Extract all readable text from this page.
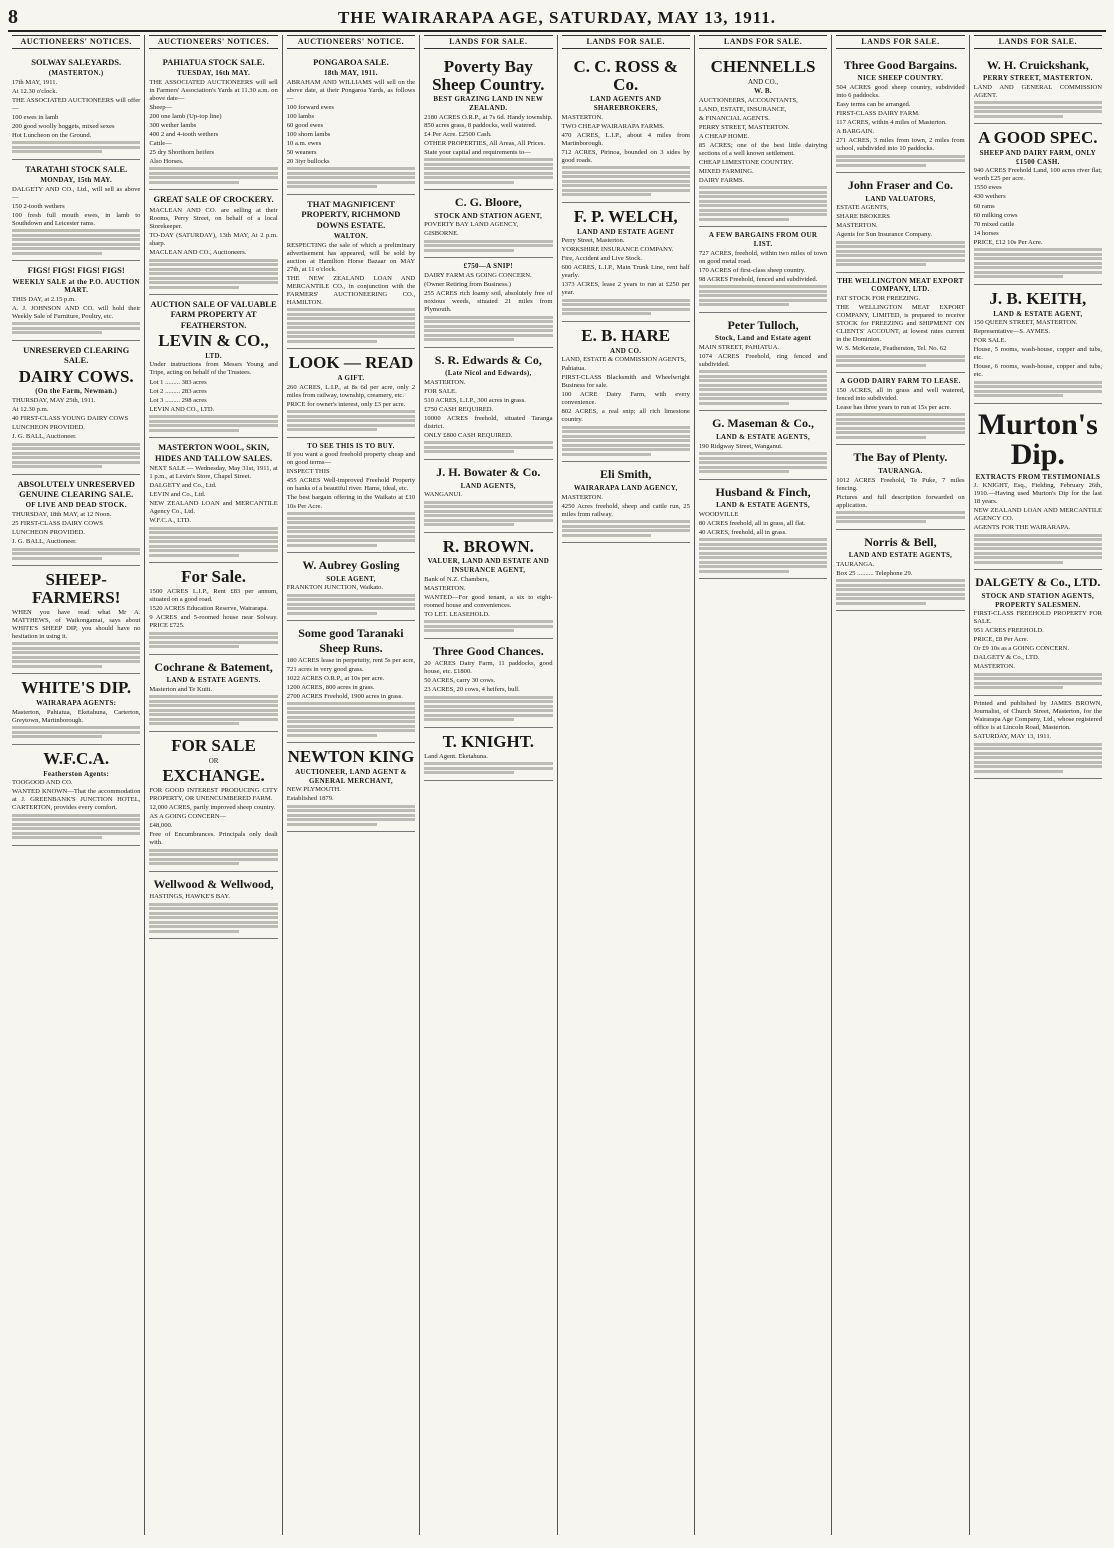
8	THE WAIRARAPA AGE, SATURDAY, MAY 13, 1911.
AUCTIONEERS' NOTICES.
SOLWAY SALEYARDS.
(MASTERTON.)
17th MAY, 1911.
At 12.30 o'clock.
THE ASSOCIATED AUCTIONEERS will offer—
100 ewes in lamb
200 good woolly hoggets, mixed sexes
Hot Luncheon on the Ground.
TARATAHI STOCK SALE.
MONDAY, 15th MAY.
DALGETY AND CO., Ltd., will sell as above—
150 2-tooth wethers
100 fresh full mouth ewes, in lamb to Southdown and Leicester rams.
FIGS! FIGS! FIGS! FIGS!
WEEKLY SALE at the P.O. AUCTION MART.
THIS DAY, at 2.15 p.m.
A. J. JOHNSON AND CO. will hold their Weekly Sale of Furniture, Poultry, etc.
UNRESERVED CLEARING SALE.
DAIRY COWS.
(On the Farm, Newman.)
THURSDAY, MAY 25th, 1911.
At 12.30 p.m.
40 FIRST-CLASS YOUNG DAIRY COWS
LUNCHEON PROVIDED.
J. G. BALL, Auctioneer.
ABSOLUTELY UNRESERVED GENUINE CLEARING SALE.
OF LIVE AND DEAD STOCK.
THURSDAY, 18th MAY, at 12 Noon.
25 FIRST-CLASS DAIRY COWS
LUNCHEON PROVIDED.
J. G. BALL, Auctioneer.
SHEEP-FARMERS!
WHEN you have read what Mr A. MATTHEWS, of Waikongamai, says about WHITE'S SHEEP DIP, you should have no hesitation in using it.
WHITE'S DIP.
WAIRARAPA AGENTS:
Masterton, Pahiatua, Eketahuna, Carterton, Greytown, Martinborough.
W.F.C.A.
Featherston Agents:
TOOGOOD AND CO.
WANTED KNOWN—That the accommodation at J. GREENBANK'S JUNCTION HOTEL, CARTERTON, provides every comfort.
AUCTIONEERS' NOTICES.
PAHIATUA STOCK SALE.
TUESDAY, 16th MAY.
THE ASSOCIATED AUCTIONEERS will sell in Farmers' Association's Yards at 11.30 a.m. on above date—
Sheep—
200 one lamb (Up-top line)
300 wether lambs
400 2 and 4-tooth wethers
Cattle—
25 dry Shorthorn heifers
Also Horses.
GREAT SALE OF CROCKERY.
MACLEAN AND CO. are selling at their Rooms, Perry Street, on behalf of a local Storekeeper.
TO-DAY (SATURDAY), 13th MAY, At 2 p.m. sharp.
MACLEAN AND CO., Auctioneers.
AUCTION SALE OF VALUABLE FARM PROPERTY AT FEATHERSTON.
LEVIN & CO.,
LTD.
Under instructions from Messrs Young and Tripe, acting on behalf of the Trustees.
Lot 1 ......... 383 acres
Lot 2 ......... 283 acres
Lot 3 ......... 298 acres
LEVIN AND CO., LTD.
MASTERTON WOOL, SKIN, HIDES AND TALLOW SALES.
NEXT SALE — Wednesday, May 31st, 1911, at 1 p.m., at Levin's Store, Chapel Street.
DALGETY and Co., Ltd.
LEVIN and Co., Ltd.
NEW ZEALAND LOAN and MERCANTILE Agency Co., Ltd.
W.F.C.A., LTD.
For Sale.
1500 ACRES L.I.P., Rent £83 per annum, situated on a good road.
1520 ACRES Education Reserve, Wairarapa.
9 ACRES and 5-roomed house near Solway. PRICE £725.
Cochrane & Batement,
LAND & ESTATE AGENTS.
Masterton and Te Kuiti.
FOR SALE
OR
EXCHANGE.
FOR GOOD INTEREST PRODUCING CITY PROPERTY, OR UNENCUMBERED FARM.
12,000 ACRES, partly improved sheep country.
AS A GOING CONCERN—
£48,000.
Free of Encumbrances. Principals only dealt with.
Wellwood & Wellwood,
HASTINGS, HAWKE'S BAY.
AUCTIONEERS' NOTICE.
PONGAROA SALE.
18th MAY, 1911.
ABRAHAM AND WILLIAMS will sell on the above date, at their Pongaroa Yards, as follows—
100 forward ewes
100 lambs
60 good ewes
100 shorn lambs
10 a.m. ewes
50 weaners
20 3iyr bullocks
THAT MAGNIFICENT PROPERTY, RICHMOND DOWNS ESTATE.
WALTON.
RESPECTING the sale of which a preliminary advertisement has appeared, will be sold by auction at Hamilton Horse Bazaar on MAY 27th, at 11 o'clock.
THE NEW ZEALAND LOAN AND MERCANTILE CO., in conjunction with the FARMERS' AUCTIONEERING CO., HAMILTON.
LOOK — READ
A GIFT.
260 ACRES, L.I.P., at 8s 6d per acre, only 2 miles from railway, township, creamery, etc.
PRICE for owner's interest, only £3 per acre.
TO SEE THIS IS TO BUY.
If you want a good freehold property cheap and on good terms—
INSPECT THIS
455 ACRES Well-improved Freehold Property on banks of a beautiful river. Hams, ideal, etc.
The best bargain offering in the Waikato at £10 10s Per Acre.
W. Aubrey Gosling
SOLE AGENT,
FRANKTON JUNCTION, Waikato.
Some good Taranaki Sheep Runs.
180 ACRES lease in perpetuity, rent 5s per acre, 721 acres in very good grass.
1022 ACRES O.R.P., at 10s per acre.
1200 ACRES, 800 acres in grass.
2700 ACRES Freehold, 1900 acres in grass.
NEWTON KING
AUCTIONEER, LAND AGENT & GENERAL MERCHANT,
NEW PLYMOUTH.
Established 1879.
LANDS FOR SALE.
Poverty Bay Sheep Country.
BEST GRAZING LAND IN NEW ZEALAND.
2180 ACRES O.R.P., at 7s 6d. Handy township. 850 acres grass, 8 paddocks, well watered.
£4 Per Acre. £2500 Cash.
OTHER PROPERTIES, All Areas, All Prices.
State your capital and requirements to—
C. G. Bloore,
STOCK AND STATION AGENT,
POVERTY BAY LAND AGENCY,
GISBORNE.
£750—A SNIP!
DAIRY FARM AS GOING CONCERN.
(Owner Retiring from Business.)
255 ACRES rich loamy soil, absolutely free of noxious weeds, situated 21 miles from Plymouth.
S. R. Edwards & Co,
(Late Nicol and Edwards),
MASTERTON.
FOR SALE.
510 ACRES, L.I.P., 300 acres in grass.
£750 CASH REQUIRED.
10000 ACRES freehold, situated Taranga district.
ONLY £800 CASH REQUIRED.
J. H. Bowater & Co.
LAND AGENTS,
WANGANUI.
R. BROWN.
VALUER, LAND AND ESTATE AND INSURANCE AGENT,
Bank of N.Z. Chambers,
MASTERTON.
WANTED—For good tenant, a six to eight-roomed house and conveniences.
TO LET. LEASEHOLD.
Three Good Chances.
20 ACRES Dairy Farm, 11 paddocks, good house, etc. £1800.
50 ACRES, carry 30 cows.
23 ACRES, 20 cows, 4 heifers, bull.
T. KNIGHT.
Land Agent. Eketahuna.
LANDS FOR SALE.
C. C. ROSS & Co.
LAND AGENTS AND SHAREBROKERS,
MASTERTON.
TWO CHEAP WAIRARAPA FARMS.
470 ACRES, L.I.P., about 4 miles from Martinborough.
712 ACRES, Pirinoa, bounded on 3 sides by good roads.
F. P. WELCH,
LAND AND ESTATE AGENT
Perry Street, Masterton.
YORKSHIRE INSURANCE COMPANY.
Fire, Accident and Live Stock.
600 ACRES, L.I.P., Main Trunk Line, rent half yearly.
1373 ACRES, lease 2 years to run at £250 per year.
E. B. HARE
AND CO.
LAND, ESTATE & COMMISSION AGENTS,
Pahiatua.
FIRST-CLASS Blacksmith and Wheelwright Business for sale.
100 ACRE Dairy Farm, with every convenience.
802 ACRES, a real snip; all rich limestone country.
Eli Smith,
WAIRARAPA LAND AGENCY,
MASTERTON.
4250 Acres freehold, sheep and cattle run, 25 miles from railway.
LANDS FOR SALE.
CHENNELLS
AND CO.,
W. B.
AUCTIONEERS, ACCOUNTANTS,
LAND, ESTATE, INSURANCE,
& FINANCIAL AGENTS.
PERRY STREET, MASTERTON.
A CHEAP HOME.
85 ACRES; one of the best little dairying sections of a well known settlement.
CHEAP LIMESTONE COUNTRY.
MIXED FARMING.
DAIRY FARMS.
A FEW BARGAINS FROM OUR LIST.
727 ACRES, freehold, within two miles of town on good metal road.
170 ACRES of first-class sheep country.
98 ACRES Freehold, fenced and subdivided.
Peter Tulloch,
Stock, Land and Estate agent
MAIN STREET, PAHIATUA.
1074 ACRES Freehold, ring fenced and subdivided.
G. Maseman & Co.,
LAND & ESTATE AGENTS,
190 Ridgway Street, Wanganui.
Husband & Finch,
LAND & ESTATE AGENTS,
WOODVILLE
80 ACRES freehold, all in grass, all flat.
40 ACRES, freehold, all in grass.
LANDS FOR SALE.
Three Good Bargains.
NICE SHEEP COUNTRY.
504 ACRES good sheep country, subdivided into 6 paddocks.
Easy terms can be arranged.
FIRST-CLASS DAIRY FARM.
117 ACRES, within 4 miles of Masterton.
A BARGAIN.
271 ACRES, 3 miles from town, 2 miles from school, subdivided into 10 paddocks.
John Fraser and Co.
LAND VALUATORS,
ESTATE AGENTS,
SHARE BROKERS
MASTERTON.
Agents for Sun Insurance Company.
THE WELLINGTON MEAT EXPORT COMPANY, LTD.
FAT STOCK FOR FREEZING.
THE WELLINGTON MEAT EXPORT COMPANY, LIMITED, is prepared to receive STOCK for FREEZING and SHIPMENT ON CLIENTS' ACCOUNT, at lowest rates current in the Dominion.
W. S. McKenzie, Featherston, Tel. No. 62
A GOOD DAIRY FARM TO LEASE.
150 ACRES, all in grass and well watered, fenced into subdivided.
Lease has three years to run at 15s per acre.
The Bay of Plenty.
TAURANGA.
1012 ACRES Freehold, Te Puke, 7 miles fencing.
Pictures and full description forwarded on application.
Norris & Bell,
LAND AND ESTATE AGENTS,
TAURANGA.
Box 25 .......... Telephone 29.
LANDS FOR SALE.
W. H. Cruickshank,
PERRY STREET, MASTERTON.
LAND AND GENERAL COMMISSION AGENT.
A GOOD SPEC.
SHEEP AND DAIRY FARM, ONLY £1500 CASH.
940 ACRES Freehold Land, 100 acres river flat; worth £25 per acre.
1550 ewes
430 wethers
60 rams
60 milking cows
70 mixed cattle
14 horses
PRICE, £12 10s Per Acre.
J. B. KEITH,
LAND & ESTATE AGENT,
150 QUEEN STREET, MASTERTON.
Representative—S. AYMES.
FOR SALE.
House, 5 rooms, wash-house, copper and tubs, etc.
House, 6 rooms, wash-house, copper and tubs, etc.
Murton's Dip.
EXTRACTS FROM TESTIMONIALS
J. KNIGHT, Esq., Fielding, February 26th, 1910.—Having used Murton's Dip for the last 18 years.
NEW ZEALAND LOAN AND MERCANTILE AGENCY CO.
AGENTS FOR THE WAIRARAPA.
DALGETY & Co., LTD.
STOCK AND STATION AGENTS, PROPERTY SALESMEN.
FIRST-CLASS FREEHOLD PROPERTY FOR SALE.
951 ACRES FREEHOLD.
PRICE, £8 Per Acre.
Or £9 10s as a GOING CONCERN.
DALGETY & Co., LTD.
MASTERTON.
Printed and published by JAMES BROWN, Journalist, of Church Street, Masterton, for the Wairarapa Age Company, Ltd., whose registered office is at Lincoln Road, Masterton.
SATURDAY, MAY 13, 1911.
